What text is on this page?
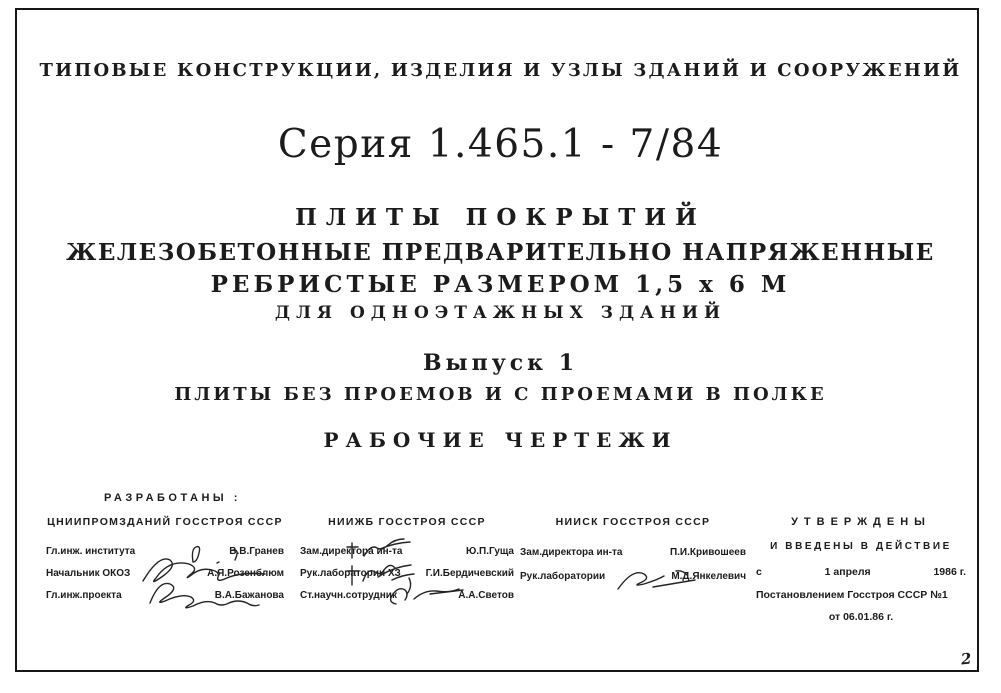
ТИПОВЫЕ КОНСТРУКЦИИ, ИЗДЕЛИЯ И УЗЛЫ ЗДАНИЙ И СООРУЖЕНИЙ
Серия 1.465.1 - 7/84
ПЛИТЫ ПОКРЫТИЙ
ЖЕЛЕЗОБЕТОННЫЕ ПРЕДВАРИТЕЛЬНО НАПРЯЖЕННЫЕ
РЕБРИСТЫЕ РАЗМЕРОМ 1,5 х 6 М
ДЛЯ ОДНОЭТАЖНЫХ ЗДАНИЙ
Выпуск 1
ПЛИТЫ БЕЗ ПРОЕМОВ И С ПРОЕМАМИ В ПОЛКЕ
РАБОЧИЕ ЧЕРТЕЖИ
РАЗРАБОТАНЫ :
ЦНИИПРОМЗДАНИЙ ГОССТРОЯ СССР
Гл.инж. института	В.В.Гранев
Начальник ОКОЗ	А.Я.Розенблюм
Гл.инж.проекта	В.А.Бажанова
НИИЖБ ГОССТРОЯ СССР
Зам.директора ин-та	Ю.П.Гуща
Рук.лаборатории ХЗ Г.И.Бердичевский
Ст.научн.сотрудник	А.А.Светов
НИИСК ГОССТРОЯ СССР
Зам.директора ин-та	П.И.Кривошеев
Рук.лаборатории	М.Д.Янкелевич
УТВЕРЖДЕНЫ
И ВВЕДЕНЫ В ДЕЙСТВИЕ
с	1 апреля	1986 г.
Постановлением Госстроя СССР №1
от 06.01.86 г.
2
